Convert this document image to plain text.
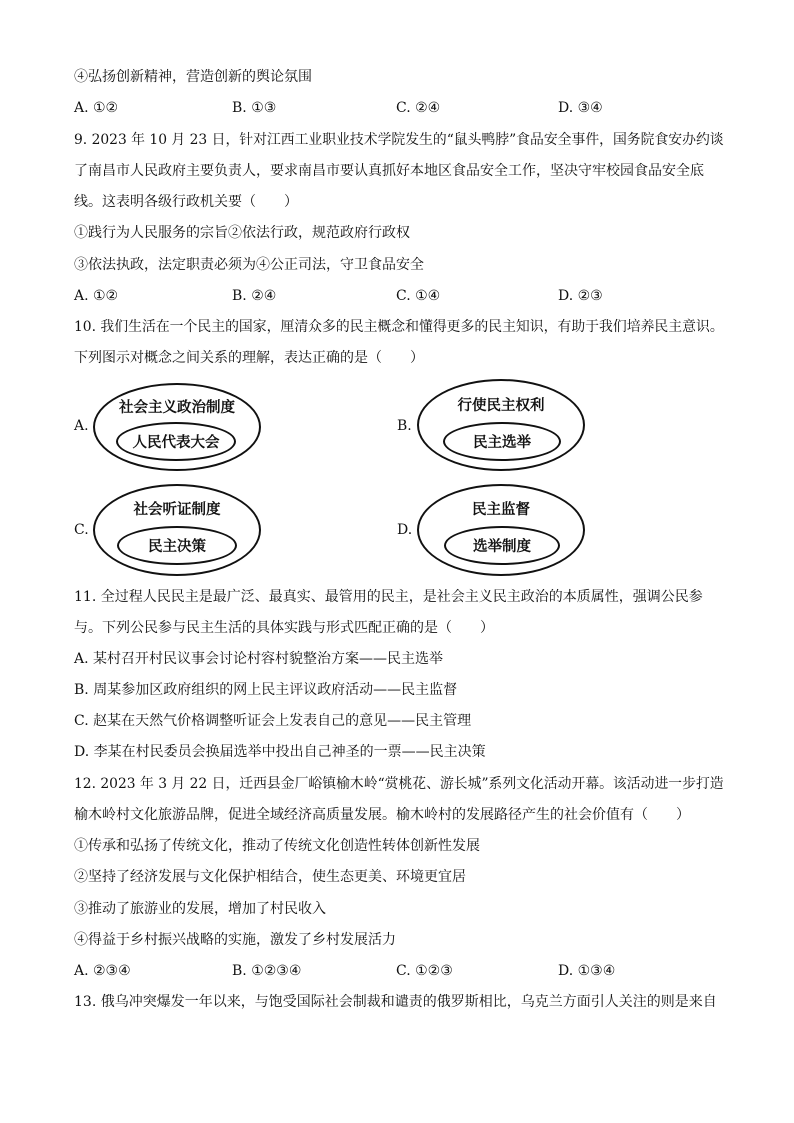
④弘扬创新精神，营造创新的舆论氛围
A. ①②	B. ①③	C. ②④	D. ③④
9. 2023 年 10 月 23 日，针对江西工业职业技术学院发生的“鼠头鸭脖”食品安全事件，国务院食安办约谈
了南昌市人民政府主要负责人，要求南昌市要认真抓好本地区食品安全工作，坚决守牢校园食品安全底
线。这表明各级行政机关要（　　）
①践行为人民服务的宗旨②依法行政，规范政府行政权
③依法执政，法定职责必须为④公正司法，守卫食品安全
A. ①②	B. ②④	C. ①④	D. ②③
10. 我们生活在一个民主的国家，厘清众多的民主概念和懂得更多的民主知识，有助于我们培养民主意识。
下列图示对概念之间关系的理解，表达正确的是（　　）
A.
社会主义政治制度
人民代表大会
B.
行使民主权利
民主选举
C.
社会听证制度
民主决策
D.
民主监督
选举制度
11. 全过程人民民主是最广泛、最真实、最管用的民主，是社会主义民主政治的本质属性，强调公民参
与。下列公民参与民主生活的具体实践与形式匹配正确的是（　　）
A. 某村召开村民议事会讨论村容村貌整治方案——民主选举
B. 周某参加区政府组织的网上民主评议政府活动——民主监督
C. 赵某在天然气价格调整听证会上发表自己的意见——民主管理
D. 李某在村民委员会换届选举中投出自己神圣的一票——民主决策
12. 2023 年 3 月 22 日，迁西县金厂峪镇榆木岭“赏桃花、游长城”系列文化活动开幕。该活动进一步打造
榆木岭村文化旅游品牌，促进全域经济高质量发展。榆木岭村的发展路径产生的社会价值有（　　）
①传承和弘扬了传统文化，推动了传统文化创造性转体创新性发展
②坚持了经济发展与文化保护相结合，使生态更美、环境更宜居
③推动了旅游业的发展，增加了村民收入
④得益于乡村振兴战略的实施，激发了乡村发展活力
A. ②③④	B. ①②③④	C. ①②③	D. ①③④
13. 俄乌冲突爆发一年以来，与饱受国际社会制裁和谴责的俄罗斯相比，乌克兰方面引人关注的则是来自
